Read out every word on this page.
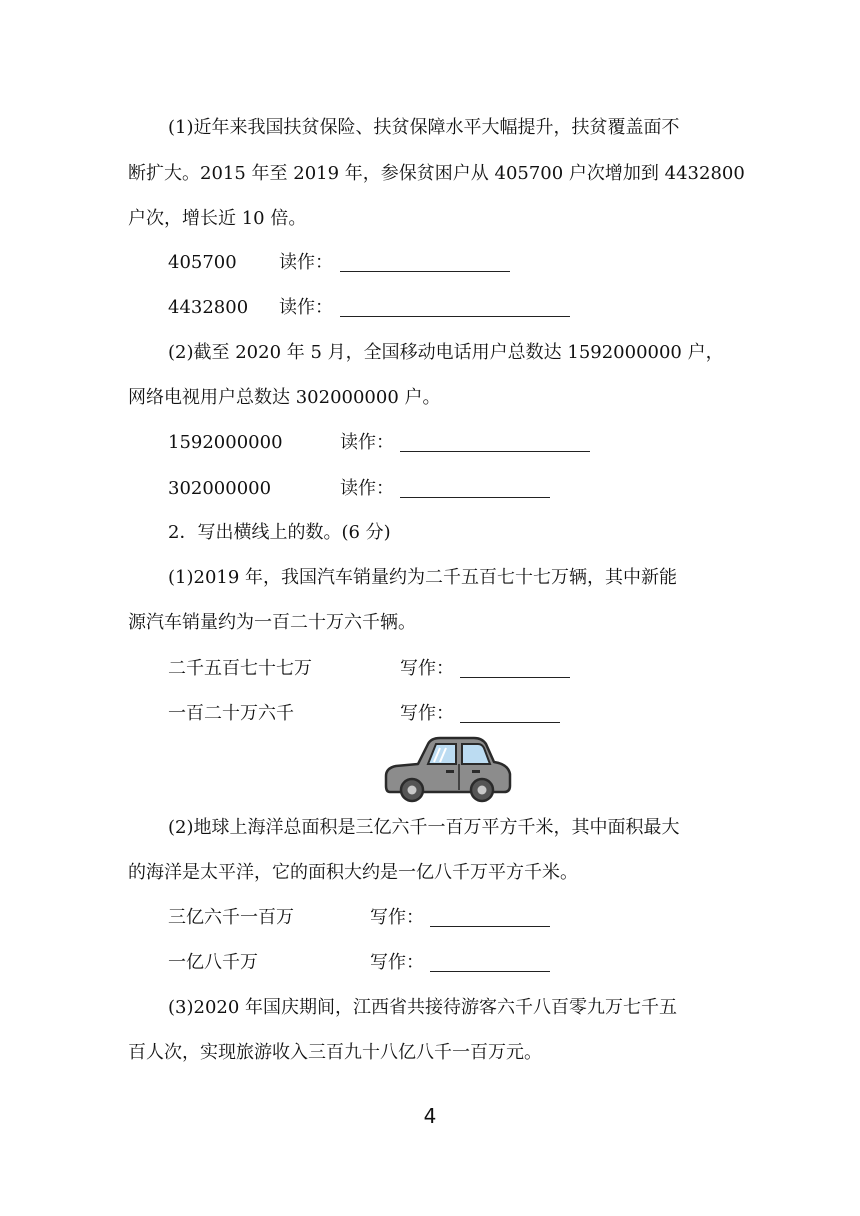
(1)近年来我国扶贫保险、扶贫保障水平大幅提升，扶贫覆盖面不
断扩大。2015 年至 2019 年，参保贫困户从 405700 户次增加到 4432800
户次，增长近 10 倍。
405700 读作：
4432800 读作：
(2)截至 2020 年 5 月，全国移动电话用户总数达 1592000000 户，
网络电视用户总数达 302000000 户。
1592000000	读作：
302000000	读作：
2．写出横线上的数。(6 分)
(1)2019 年，我国汽车销量约为二千五百七十七万辆，其中新能
源汽车销量约为一百二十万六千辆。
二千五百七十七万	写作：
一百二十万六千	写作：
(2)地球上海洋总面积是三亿六千一百万平方千米，其中面积最大
的海洋是太平洋，它的面积大约是一亿八千万平方千米。
三亿六千一百万	写作：
一亿八千万	写作：
(3)2020 年国庆期间，江西省共接待游客六千八百零九万七千五
百人次，实现旅游收入三百九十八亿八千一百万元。
4
